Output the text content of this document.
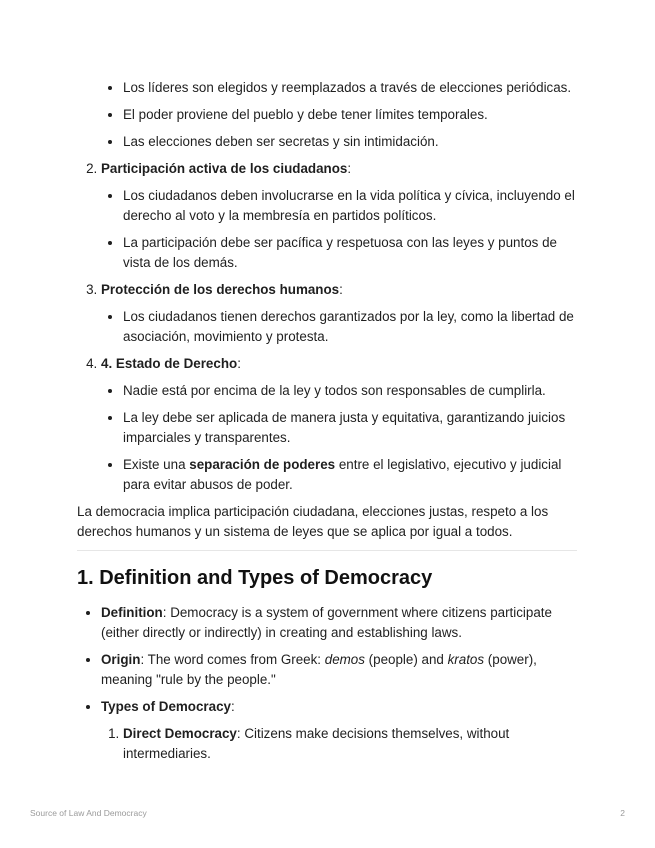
• Los líderes son elegidos y reemplazados a través de elecciones periódicas.
• El poder proviene del pueblo y debe tener límites temporales.
• Las elecciones deben ser secretas y sin intimidación.
2. Participación activa de los ciudadanos:
• Los ciudadanos deben involucrarse en la vida política y cívica, incluyendo el derecho al voto y la membresía en partidos políticos.
• La participación debe ser pacífica y respetuosa con las leyes y puntos de vista de los demás.
3. Protección de los derechos humanos:
• Los ciudadanos tienen derechos garantizados por la ley, como la libertad de asociación, movimiento y protesta.
4. 4. Estado de Derecho:
• Nadie está por encima de la ley y todos son responsables de cumplirla.
• La ley debe ser aplicada de manera justa y equitativa, garantizando juicios imparciales y transparentes.
• Existe una separación de poderes entre el legislativo, ejecutivo y judicial para evitar abusos de poder.

La democracia implica participación ciudadana, elecciones justas, respeto a los derechos humanos y un sistema de leyes que se aplica por igual a todos.

1. Definition and Types of Democracy
• Definition: Democracy is a system of government where citizens participate (either directly or indirectly) in creating and establishing laws.
• Origin: The word comes from Greek: demos (people) and kratos (power), meaning "rule by the people."
• Types of Democracy:
1. Direct Democracy: Citizens make decisions themselves, without intermediaries.
Source of Law And Democracy	2
